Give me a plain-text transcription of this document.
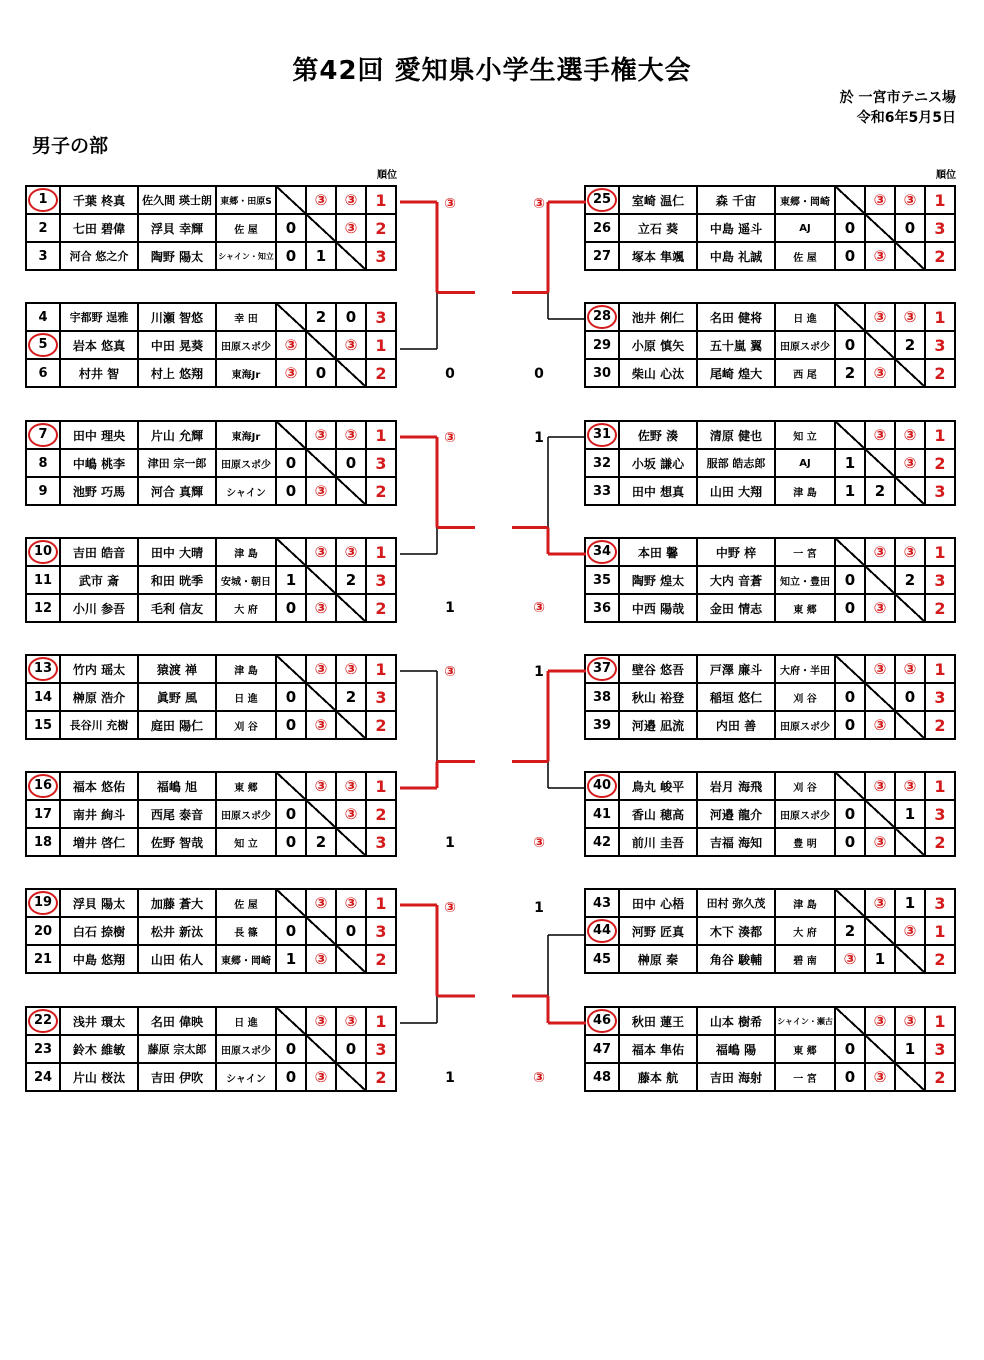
第42回 愛知県小学生選手権大会
於 一宮市テニス場
令和6年5月5日
男子の部
順位	順位
1	千葉 柊真	佐久間 瑛士朗	東郷・田原S		③	③	1
2	七田 碧偉	浮貝 幸輝	佐 屋	0		③	2
3	河合 悠之介	陶野 陽太	シャイン・知立	0	1		3
25	室崎 温仁	森 千宙	東郷・岡崎		③	③	1
26	立石 葵	中島 遥斗	AJ	0		0	3
27	塚本 隼颯	中島 礼誠	佐 屋	0	③		2
4	宇都野 逞雅	川瀬 智悠	幸 田		2	0	3
5	岩本 悠真	中田 晃葵	田原スポ少	③		③	1
6	村井 智	村上 悠翔	東海Jr	③	0		2
28	池井 俐仁	名田 健将	日 進		③	③	1
29	小原 慎矢	五十嵐 翼	田原スポ少	0		2	3
30	柴山 心汰	尾崎 煌大	西 尾	2	③		2
7	田中 理央	片山 允輝	東海Jr		③	③	1
8	中嶋 桃李	津田 宗一郎	田原スポ少	0		0	3
9	池野 巧馬	河合 真輝	シャイン	0	③		2
31	佐野 湊	清原 健也	知 立		③	③	1
32	小坂 謙心	服部 皓志郎	AJ	1		③	2
33	田中 想真	山田 大翔	津 島	1	2		3
10	吉田 皓音	田中 大晴	津 島		③	③	1
11	武市 斎	和田 晄季	安城・朝日	1		2	3
12	小川 参吾	毛利 信友	大 府	0	③		2
34	本田 馨	中野 梓	一 宮		③	③	1
35	陶野 煌太	大内 音蒼	知立・豊田	0		2	3
36	中西 陽哉	金田 情志	東 郷	0	③		2
13	竹内 瑶太	猿渡 禅	津 島		③	③	1
14	榊原 浩介	眞野 風	日 進	0		2	3
15	長谷川 充樹	庭田 陽仁	刈 谷	0	③		2
37	壁谷 悠吾	戸澤 廉斗	大府・半田		③	③	1
38	秋山 裕登	稲垣 悠仁	刈 谷	0		0	3
39	河邉 凪流	内田 善	田原スポ少	0	③		2
16	福本 悠佑	福嶋 旭	東 郷		③	③	1
17	南井 絢斗	西尾 泰音	田原スポ少	0		③	2
18	増井 啓仁	佐野 智哉	知 立	0	2		3
40	鳥丸 峻平	岩月 海飛	刈 谷		③	③	1
41	香山 穂高	河邉 龍介	田原スポ少	0		1	3
42	前川 圭吾	吉福 海知	豊 明	0	③		2
19	浮貝 陽太	加藤 蒼大	佐 屋		③	③	1
20	白石 捺樹	松井 新汰	長 篠	0		0	3
21	中島 悠翔	山田 佑人	東郷・岡崎	1	③		2
43	田中 心梧	田村 弥久茂	津 島		③	1	3
44	河野 匠真	木下 湊都	大 府	2		③	1
45	榊原 秦	角谷 駿輔	碧 南	③	1		2
22	浅井 環太	名田 偉映	日 進		③	③	1
23	鈴木 維敏	藤原 宗太郎	田原スポ少	0		0	3
24	片山 桜汰	吉田 伊吹	シャイン	0	③		2
46	秋田 蓮王	山本 樹希	シャイン・瀬古		③	③	1
47	福本 隼佑	福嶋 陽	東 郷	0		1	3
48	藤本 航	吉田 海射	一 宮	0	③		2
③
0
③
1
③
1
③
1
③
0
1
③
1
③
1
③
